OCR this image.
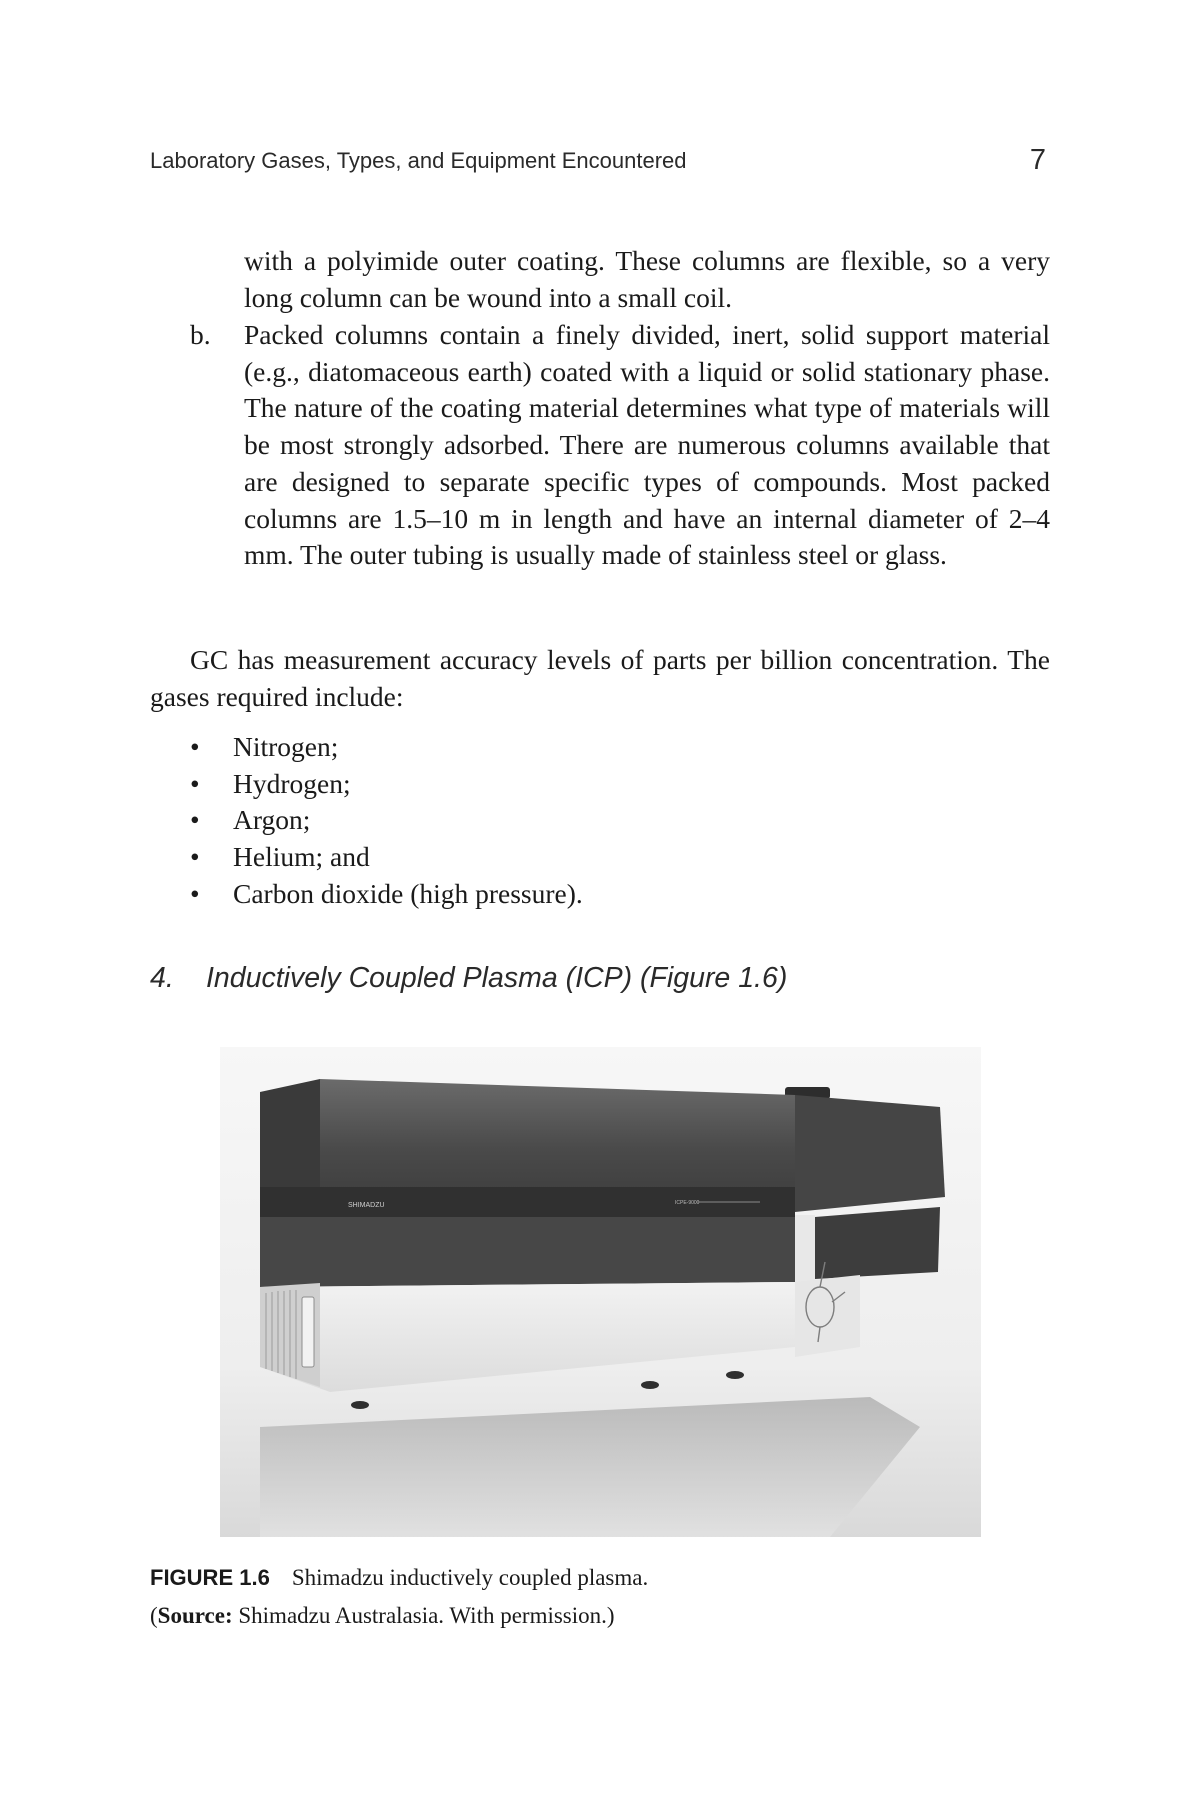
Laboratory Gases, Types, and Equipment Encountered	7
with a polyimide outer coating. These columns are flexible, so a very long column can be wound into a small coil.
b. Packed columns contain a finely divided, inert, solid support material (e.g., diatomaceous earth) coated with a liquid or solid stationary phase. The nature of the coating material determines what type of materials will be most strongly adsorbed. There are numerous columns available that are designed to separate specific types of compounds. Most packed columns are 1.5–10 m in length and have an internal diameter of 2–4 mm. The outer tubing is usually made of stainless steel or glass.
GC has measurement accuracy levels of parts per billion concentration. The gases required include:
• Nitrogen;
• Hydrogen;
• Argon;
• Helium; and
• Carbon dioxide (high pressure).
4. Inductively Coupled Plasma (ICP) (Figure 1.6)
SHIMADZU	ICPE-9000
FIGURE 1.6 Shimadzu inductively coupled plasma.
(Source: Shimadzu Australasia. With permission.)
